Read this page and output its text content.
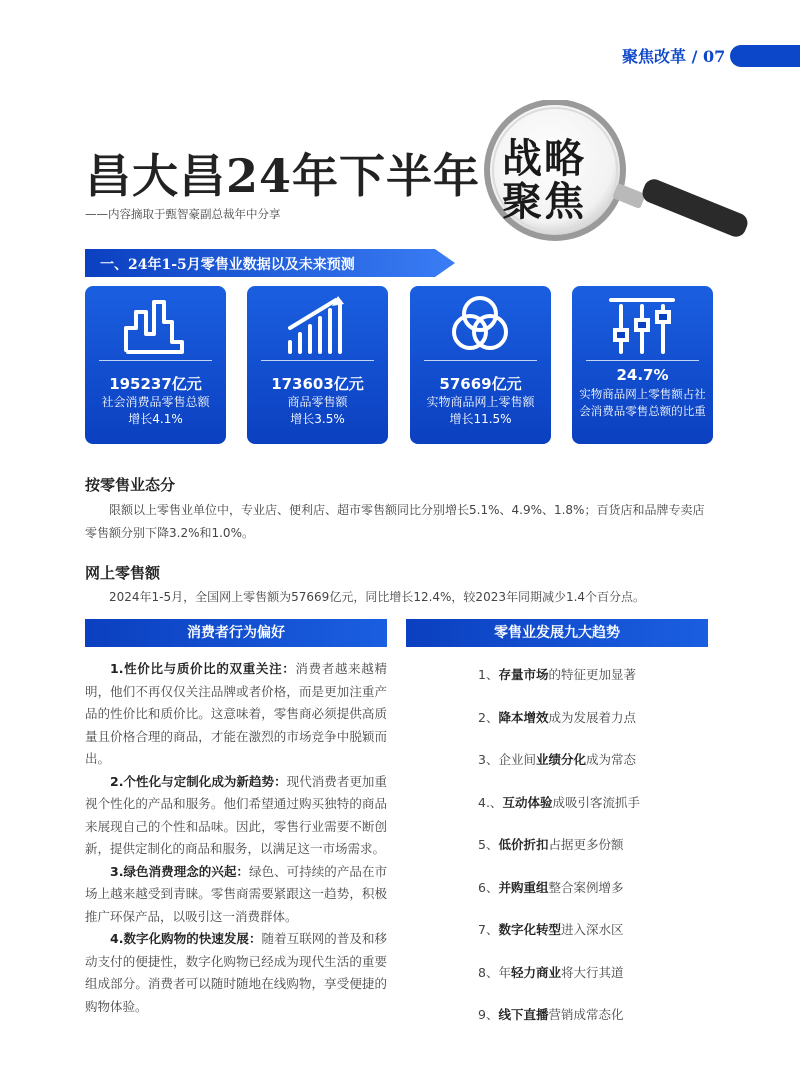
聚焦改革 / 07
昌大昌24年下半年
——内容摘取于甄智豪副总裁年中分享
战略
聚焦
一、24年1-5月零售业数据以及未来预测
195237亿元
社会消费品零售总额
增长4.1%
173603亿元
商品零售额
增长3.5%
57669亿元
实物商品网上零售额
增长11.5%
24.7%
实物商品网上零售额占社会消费品零售总额的比重
按零售业态分
限额以上零售业单位中，专业店、便利店、超市零售额同比分别增长5.1%、4.9%、1.8%；百货店和品牌专卖店零售额分别下降3.2%和1.0%。
网上零售额
2024年1-5月，全国网上零售额为57669亿元，同比增长12.4%，较2023年同期减少1.4个百分点。
消费者行为偏好	零售业发展九大趋势

1.性价比与质价比的双重关注：消费者越来越精明，他们不再仅仅关注品牌或者价格，而是更加注重产品的性价比和质价比。这意味着，零售商必须提供高质量且价格合理的商品，才能在激烈的市场竞争中脱颖而出。

2.个性化与定制化成为新趋势：现代消费者更加重视个性化的产品和服务。他们希望通过购买独特的商品来展现自己的个性和品味。因此，零售行业需要不断创新，提供定制化的商品和服务，以满足这一市场需求。

3.绿色消费理念的兴起：绿色、可持续的产品在市场上越来越受到青睐。零售商需要紧跟这一趋势，积极推广环保产品，以吸引这一消费群体。

4.数字化购物的快速发展：随着互联网的普及和移动支付的便捷性，数字化购物已经成为现代生活的重要组成部分。消费者可以随时随地在线购物，享受便捷的购物体验。

1、存量市场的特征更加显著
2、降本增效成为发展着力点
3、企业间业绩分化成为常态
4.、互动体验成吸引客流抓手
5、低价折扣占据更多份额
6、并购重组整合案例增多
7、数字化转型进入深水区
8、年轻力商业将大行其道
9、线下直播营销成常态化
